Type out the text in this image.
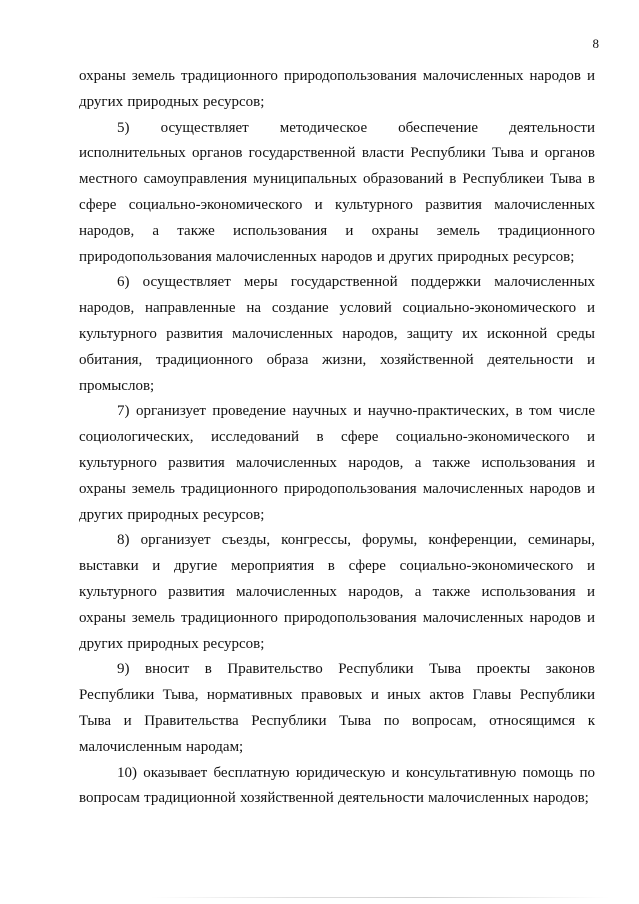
8

охраны земель традиционного природопользования малочисленных народов и других природных ресурсов;

5) осуществляет методическое обеспечение деятельности исполнительных органов государственной власти Республики Тыва и органов местного самоуправления муниципальных образований в Республикеи Тыва в сфере социально-экономического и культурного развития малочисленных народов, а также использования и охраны земель традиционного природопользования малочисленных народов и других природных ресурсов;

6) осуществляет меры государственной поддержки малочисленных народов, направленные на создание условий социально-экономического и культурного развития малочисленных народов, защиту их исконной среды обитания, традиционного образа жизни, хозяйственной деятельности и промыслов;

7) организует проведение научных и научно-практических, в том числе социологических, исследований в сфере социально-экономического и культурного развития малочисленных народов, а также использования и охраны земель традиционного природопользования малочисленных народов и других природных ресурсов;

8) организует съезды, конгрессы, форумы, конференции, семинары, выставки и другие мероприятия в сфере социально-экономического и культурного развития малочисленных народов, а также использования и охраны земель традиционного природопользования малочисленных народов и других природных ресурсов;

9) вносит в Правительство Республики Тыва проекты законов Республики Тыва, нормативных правовых и иных актов Главы Республики Тыва и Правительства Республики Тыва по вопросам, относящимся к малочисленным народам;

10) оказывает бесплатную юридическую и консультативную помощь по вопросам традиционной хозяйственной деятельности малочисленных народов;
